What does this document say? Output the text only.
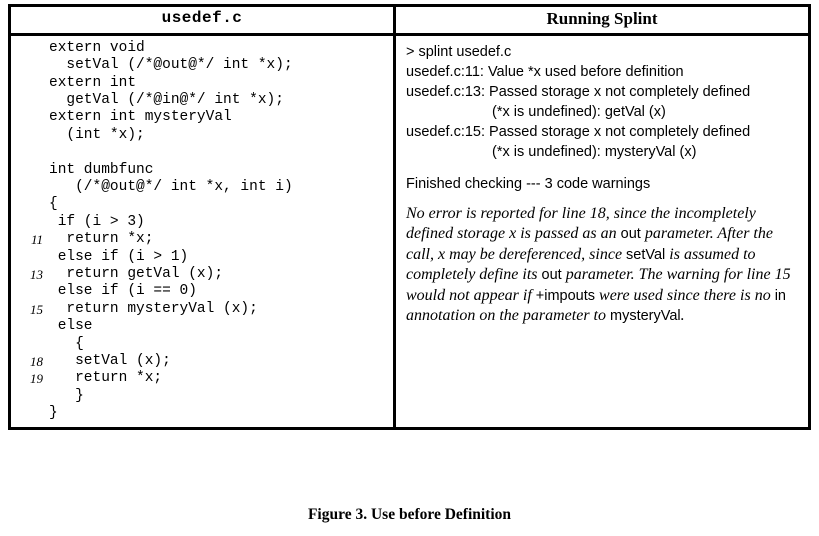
usedef.c	Running Splint
extern void
setVal (/*@out@*/ int *x);
extern int
getVal (/*@in@*/ int *x);
extern int mysteryVal
(int *x);

int dumbfunc
(/*@out@*/ int *x, int i)
{
if (i > 3)
11 return *x;
else if (i > 1)
13 return getVal (x);
else if (i == 0)
15 return mysteryVal (x);
else
{
18 setVal (x);
19 return *x;
}
}
> splint usedef.c
usedef.c:11: Value *x used before definition
usedef.c:13: Passed storage x not completely defined
(*x is undefined): getVal (x)
usedef.c:15: Passed storage x not completely defined
(*x is undefined): mysteryVal (x)
Finished checking --- 3 code warnings
No error is reported for line 18, since the incompletely defined storage x is passed as an out parameter. After the call, x may be dereferenced, since setVal is assumed to completely define its out parameter. The warning for line 15 would not appear if +impouts were used since there is no in annotation on the parameter to mysteryVal.
Figure 3. Use before Definition
